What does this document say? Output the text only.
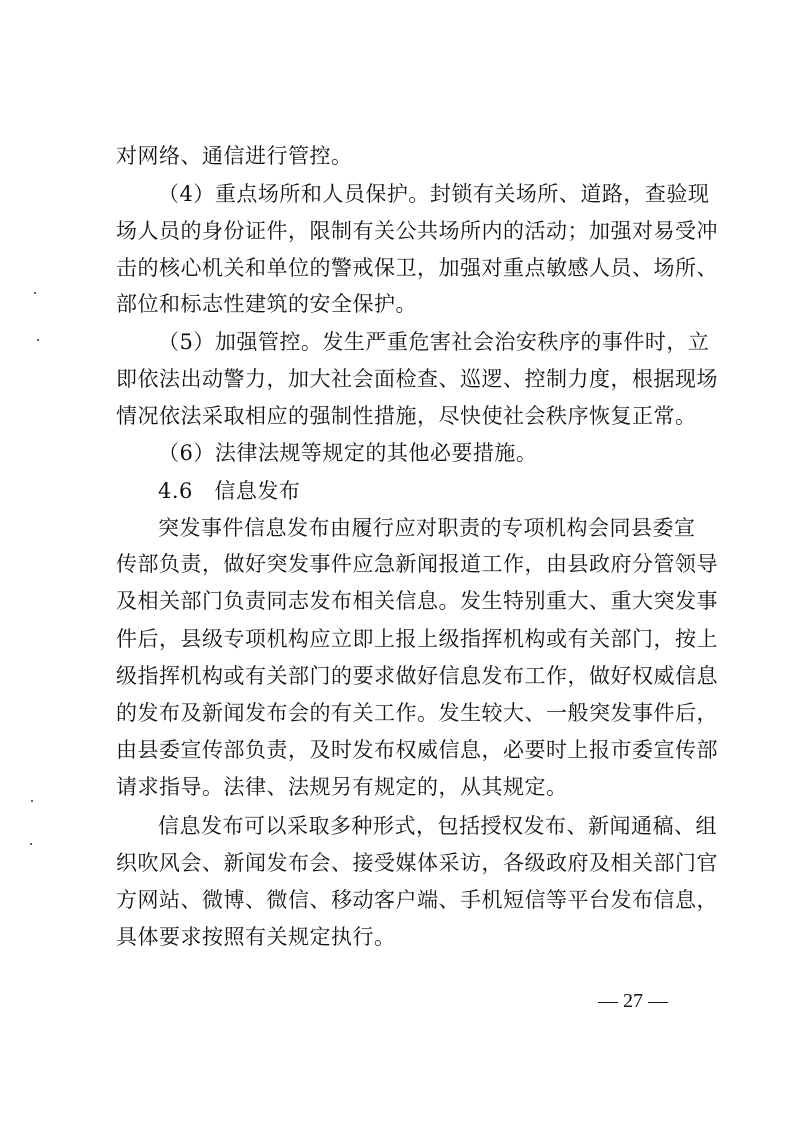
对网络、通信进行管控。
（4）重点场所和人员保护。封锁有关场所、道路，查验现
场人员的身份证件，限制有关公共场所内的活动；加强对易受冲
击的核心机关和单位的警戒保卫，加强对重点敏感人员、场所、
部位和标志性建筑的安全保护。
（5）加强管控。发生严重危害社会治安秩序的事件时，立
即依法出动警力，加大社会面检查、巡逻、控制力度，根据现场
情况依法采取相应的强制性措施，尽快使社会秩序恢复正常。
（6）法律法规等规定的其他必要措施。
4.6　信息发布
突发事件信息发布由履行应对职责的专项机构会同县委宣
传部负责，做好突发事件应急新闻报道工作，由县政府分管领导
及相关部门负责同志发布相关信息。发生特别重大、重大突发事
件后，县级专项机构应立即上报上级指挥机构或有关部门，按上
级指挥机构或有关部门的要求做好信息发布工作，做好权威信息
的发布及新闻发布会的有关工作。发生较大、一般突发事件后，
由县委宣传部负责，及时发布权威信息，必要时上报市委宣传部
请求指导。法律、法规另有规定的，从其规定。
信息发布可以采取多种形式，包括授权发布、新闻通稿、组
织吹风会、新闻发布会、接受媒体采访，各级政府及相关部门官
方网站、微博、微信、移动客户端、手机短信等平台发布信息，
具体要求按照有关规定执行。
— 27 —
